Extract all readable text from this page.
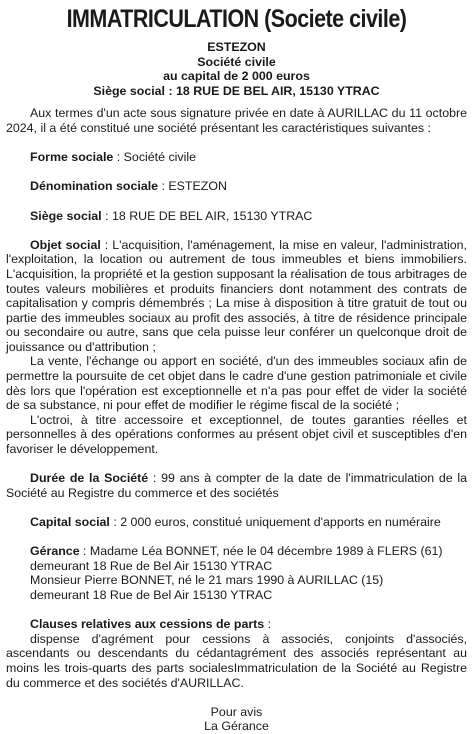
IMMATRICULATION (Societe civile)
ESTEZON
Société civile
au capital de 2 000 euros
Siège social : 18 RUE DE BEL AIR, 15130 YTRAC

Aux termes d'un acte sous signature privée en date à AURILLAC du 11 octobre 2024, il a été constitué une société présentant les caractéristiques suivantes :

Forme sociale : Société civile

Dénomination sociale : ESTEZON

Siège social : 18 RUE DE BEL AIR, 15130 YTRAC

Objet social : L'acquisition, l'aménagement, la mise en valeur, l'administration, l'exploitation, la location ou autrement de tous immeubles et biens immobiliers. L'acquisition, la propriété et la gestion supposant la réalisation de tous arbitrages de toutes valeurs mobilières et produits financiers dont notamment des contrats de capitalisation y compris démembrés ; La mise à disposition à titre gratuit de tout ou partie des immeubles sociaux au profit des associés, à titre de résidence principale ou secondaire ou autre, sans que cela puisse leur conférer un quelconque droit de jouissance ou d'attribution ;

La vente, l'échange ou apport en société, d'un des immeubles sociaux afin de permettre la poursuite de cet objet dans le cadre d'une gestion patrimoniale et civile dès lors que l'opération est exceptionnelle et n'a pas pour effet de vider la société de sa substance, ni pour effet de modifier le régime fiscal de la société ;

L'octroi, à titre accessoire et exceptionnel, de toutes garanties réelles et personnelles à des opérations conformes au présent objet civil et susceptibles d'en favoriser le développement.

Durée de la Société : 99 ans à compter de la date de l'immatriculation de la Société au Registre du commerce et des sociétés

Capital social : 2 000 euros, constitué uniquement d'apports en numéraire

Gérance : Madame Léa BONNET, née le 04 décembre 1989 à FLERS (61)

demeurant 18 Rue de Bel Air 15130 YTRAC

Monsieur Pierre BONNET, né le 21 mars 1990 à AURILLAC (15)

demeurant 18 Rue de Bel Air 15130 YTRAC

Clauses relatives aux cessions de parts :

dispense d'agrément pour cessions à associés, conjoints d'associés, ascendants ou descendants du cédantagrément des associés représentant au moins les trois-quarts des parts socialesImmatriculation de la Société au Registre du commerce et des sociétés d'AURILLAC.

Pour avis
La Gérance
